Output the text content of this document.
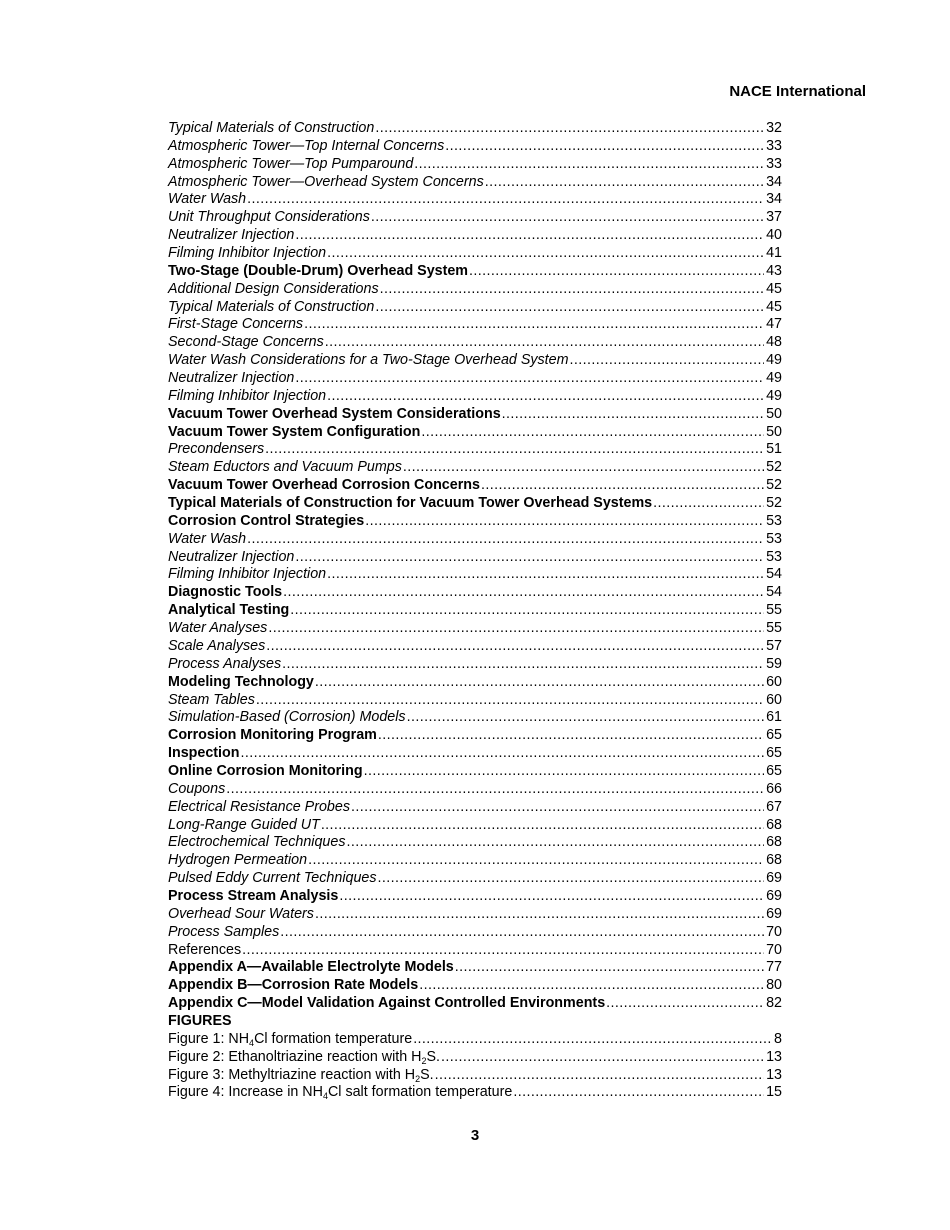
NACE International
Typical Materials of Construction .....	32
Atmospheric Tower—Top Internal Concerns .....	33
Atmospheric Tower—Top Pumparound .....	33
Atmospheric Tower—Overhead System Concerns .....	34
Water Wash .....	34
Unit Throughput Considerations .....	37
Neutralizer Injection .....	40
Filming Inhibitor Injection .....	41
Two-Stage (Double-Drum) Overhead System .....	43
Additional Design Considerations .....	45
Typical Materials of Construction .....	45
First-Stage Concerns .....	47
Second-Stage Concerns .....	48
Water Wash Considerations for a Two-Stage Overhead System .....	49
Neutralizer Injection .....	49
Filming Inhibitor Injection .....	49
Vacuum Tower Overhead System Considerations .....	50
Vacuum Tower System Configuration .....	50
Precondensers .....	51
Steam Eductors and Vacuum Pumps .....	52
Vacuum Tower Overhead Corrosion Concerns .....	52
Typical Materials of Construction for Vacuum Tower Overhead Systems .....	52
Corrosion Control Strategies .....	53
Water Wash .....	53
Neutralizer Injection .....	53
Filming Inhibitor Injection .....	54
Diagnostic Tools .....	54
Analytical Testing .....	55
Water Analyses .....	55
Scale Analyses .....	57
Process Analyses .....	59
Modeling Technology .....	60
Steam Tables .....	60
Simulation-Based (Corrosion) Models .....	61
Corrosion Monitoring Program .....	65
Inspection .....	65
Online Corrosion Monitoring .....	65
Coupons .....	66
Electrical Resistance Probes .....	67
Long-Range Guided UT .....	68
Electrochemical Techniques .....	68
Hydrogen Permeation .....	68
Pulsed Eddy Current Techniques .....	69
Process Stream Analysis .....	69
Overhead Sour Waters .....	69
Process Samples .....	70
References .....	70
Appendix A—Available Electrolyte Models .....	77
Appendix B—Corrosion Rate Models .....	80
Appendix C—Model Validation Against Controlled Environments .....	82
FIGURES
Figure 1: $NH_4Cl$ formation temperature .....	8
Figure 2: Ethanoltriazine reaction with $H_2S$. .....	13
Figure 3: Methyltriazine reaction with $H_2S$. .....	13
Figure 4: Increase in $NH_4Cl$ salt formation temperature .....	15
3
